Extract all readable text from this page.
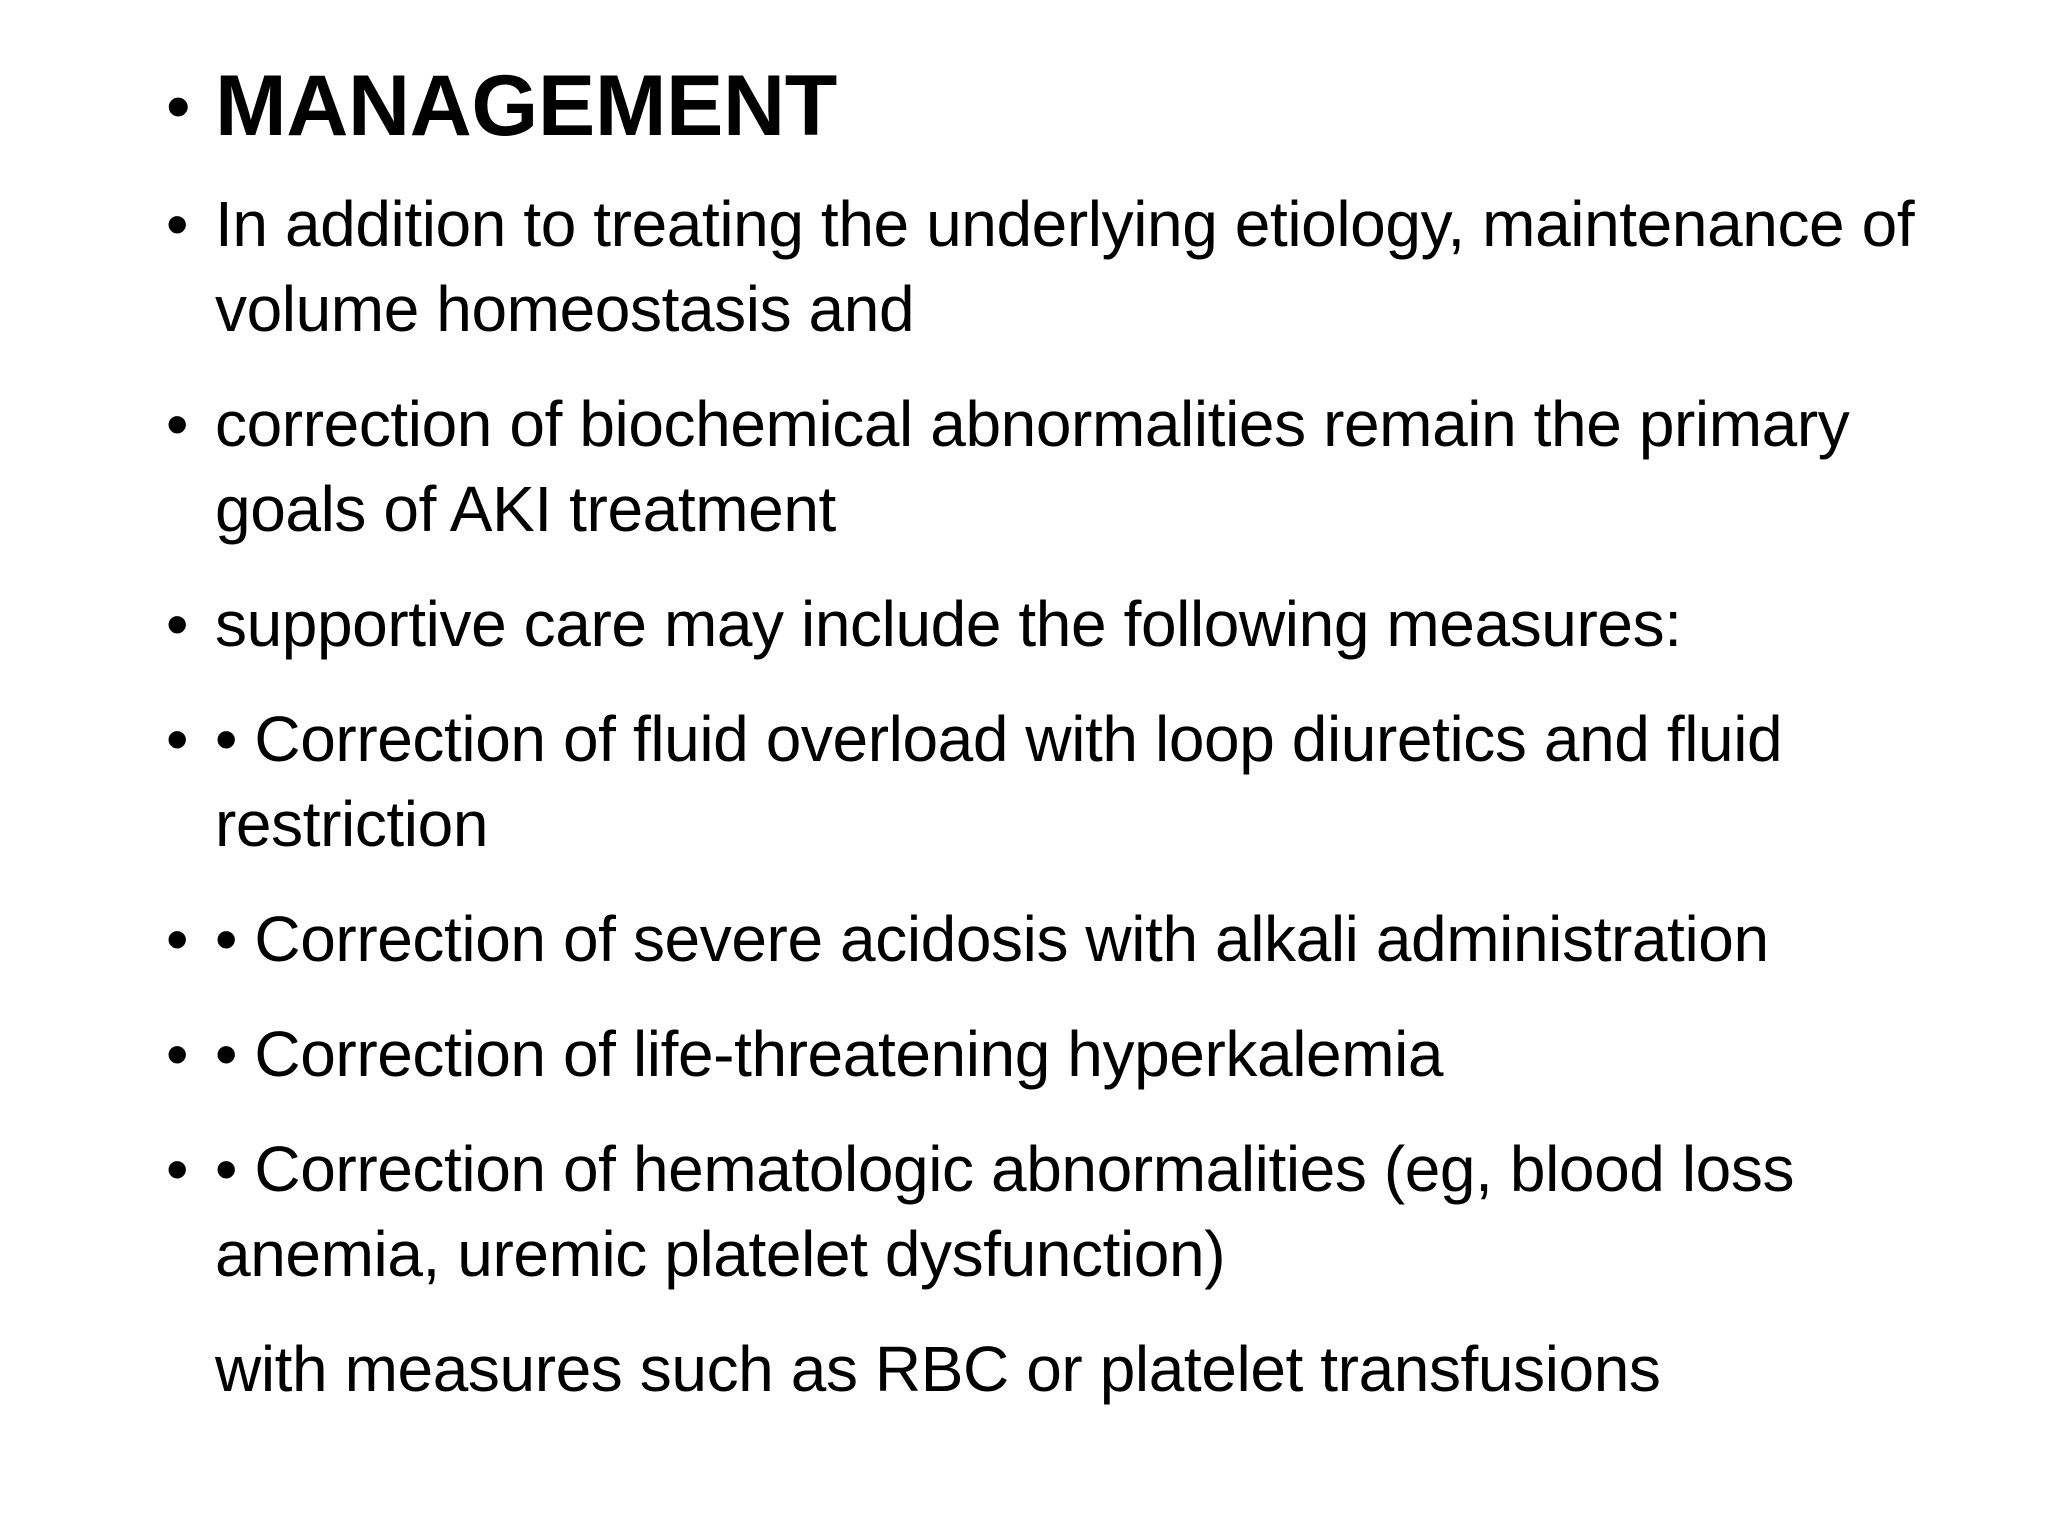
• MANAGEMENT
• In addition to treating the underlying etiology, maintenance of volume homeostasis and
• correction of biochemical abnormalities remain the primary goals of AKI treatment
• supportive care may include the following measures:
• • Correction of fluid overload with loop diuretics and fluid restriction
• • Correction of severe acidosis with alkali administration
• • Correction of life-threatening hyperkalemia
• • Correction of hematologic abnormalities (eg, blood loss anemia, uremic platelet dysfunction)
with measures such as RBC or platelet transfusions
